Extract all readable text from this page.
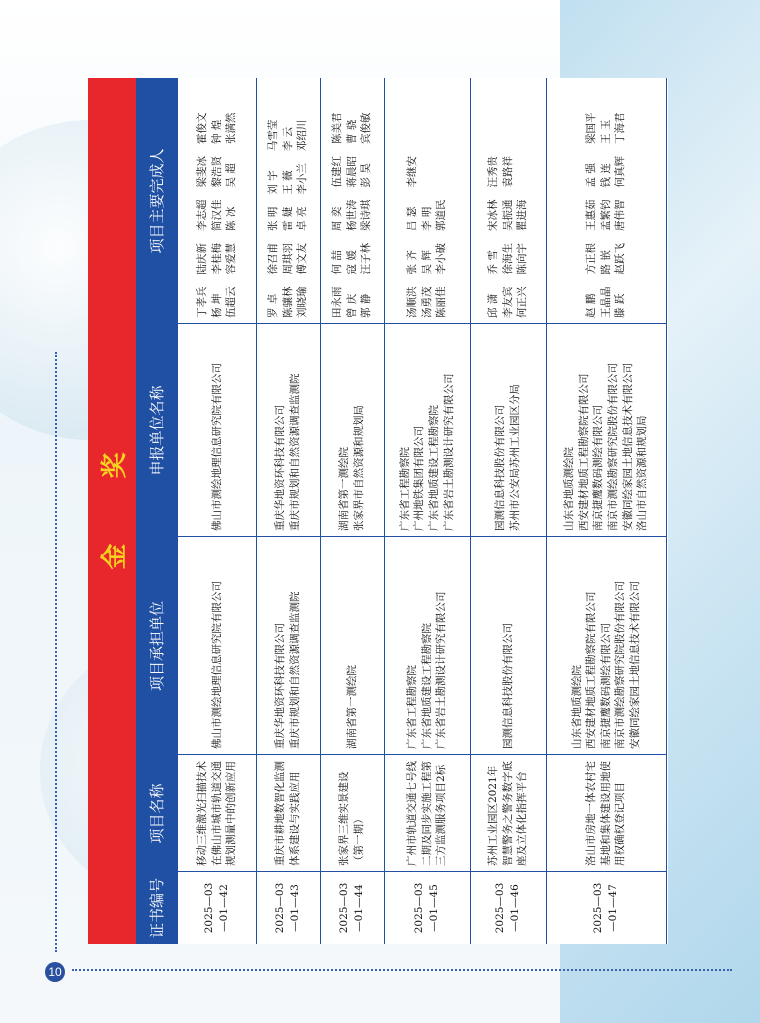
10
金 奖
证书编号
项目名称
项目承担单位
申报单位名称
项目主要完成人
2025—03—01—42
移动三维激光扫描技术在佛山市城市轨道交通规划测量中的创新应用
佛山市测绘地理信息研究院有限公司
佛山市测绘地理信息研究院有限公司
丁孝兵 杨 坤 伍超云
陆庆新 李桂梅 容爱慧
李志超 简汉佳 陈 冰
梁斐冰 黎浩贤 吴 超
霍俊文 钟 煌 张满然
2025—03—01—43
重庆市耕地数智化监测体系建设与实践应用
重庆华地资环科技有限公司 重庆市规划和自然资源调查监测院
重庆华地资环科技有限公司 重庆市规划和自然资源调查监测院
罗 卓 陈骧林 刘晓瑜
徐召甫 周琪羽 傅文友
张 明 雷 婕 卓 亮
刘 宇 王 薇 李小兰
马雪莹 李 云 邓绍川
2025—03—01—44
张家界三维实景建设（第一期）
湖南省第一测绘院
湖南省第一测绘院 张家界市自然资源和规划局
田永雨 曾 庆 郭 静
何 喆 寇 媛 汪子林
周 奕 杨世涛 梁诗琪
伍建红 蒋晨昭 彭 昊
陈美君 曹 骁 宾俊敏
2025—03—01—45
广州市轨道交通七号线二期及同步实施工程第三方监测服务项目2标
广东省工程勘察院 广东省地质建设工程勘察院 广东省岩土勘测设计研究有限公司
广东省工程勘察院 广州地铁集团有限公司 广东省地质建设工程勘察院 广东省岩土勘测设计研究有限公司
汤顺洪 汤勇茂 陈丽佳
张 齐 吴 辉 李小破
吕 瑟 李 明 郭道民
李继安
2025—03—01—46
苏州工业园区2021年智慧警务之警务数字底座及立体化指挥平台
园测信息科技股份有限公司
园测信息科技股份有限公司 苏州市公安局苏州工业园区分局
邱 潇 李友宾 何正兴
乔 雪 徐海生 陈向宇
宋冰林 吴振通 瞿进海
汪秀贵 袁路祥
2025—03—01—47
洛山市房地一体农村宅基地和集体建设用地使用权确权登记项目
山东省地质测绘院 西安建材地质工程勘察院有限公司 南京捷鹰数码测绘有限公司 南京市测绘勘察研究院股份有限公司 安徽同绘家园土地信息技术有限公司
山东省地质测绘院 西安建材地质工程勘察院有限公司 南京捷鹰数码测绘有限公司 南京市测绘勘察研究院股份有限公司 安徽同绘家园土地信息技术有限公司 洛山市自然资源和规划局
赵 鹏 王晶晶 滕 跃
方正根 路 嵌 赵跃飞
王惠茹 孟繁钧 唐伟智
孟 强 钱 连 何真辉
梁国平 王 玉 丁海君
